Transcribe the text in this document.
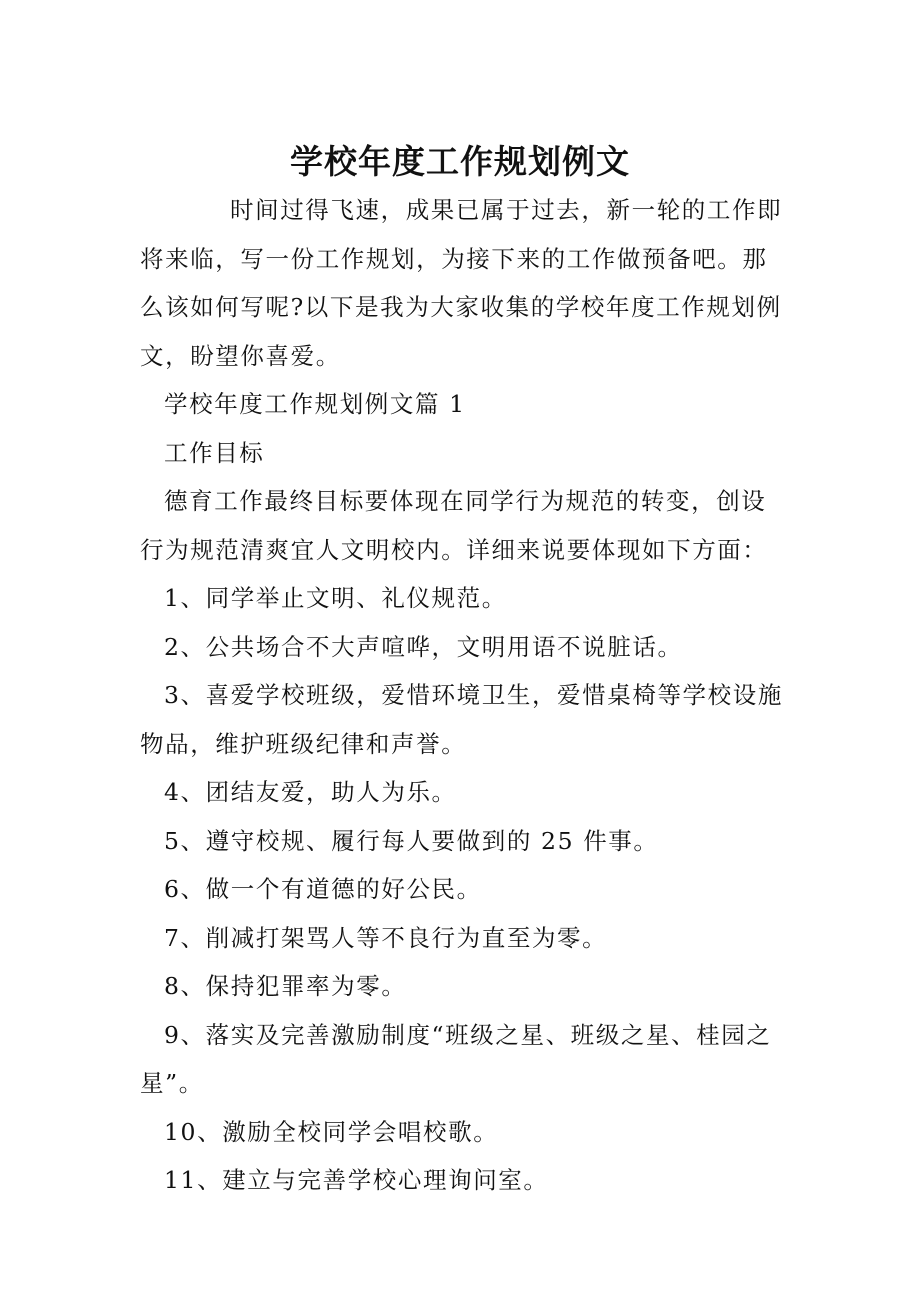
学校年度工作规划例文

时间过得飞速，成果已属于过去，新一轮的工作即将来临，写一份工作规划，为接下来的工作做预备吧。那么该如何写呢?以下是我为大家收集的学校年度工作规划例文，盼望你喜爱。

学校年度工作规划例文篇 1

工作目标

德育工作最终目标要体现在同学行为规范的转变，创设行为规范清爽宜人文明校内。详细来说要体现如下方面：

1、同学举止文明、礼仪规范。

2、公共场合不大声喧哗，文明用语不说脏话。

3、喜爱学校班级，爱惜环境卫生，爱惜桌椅等学校设施物品，维护班级纪律和声誉。

4、团结友爱，助人为乐。

5、遵守校规、履行每人要做到的 25 件事。

6、做一个有道德的好公民。

7、削减打架骂人等不良行为直至为零。

8、保持犯罪率为零。

9、落实及完善激励制度“班级之星、班级之星、桂园之星”。

10、激励全校同学会唱校歌。

11、建立与完善学校心理询问室。
